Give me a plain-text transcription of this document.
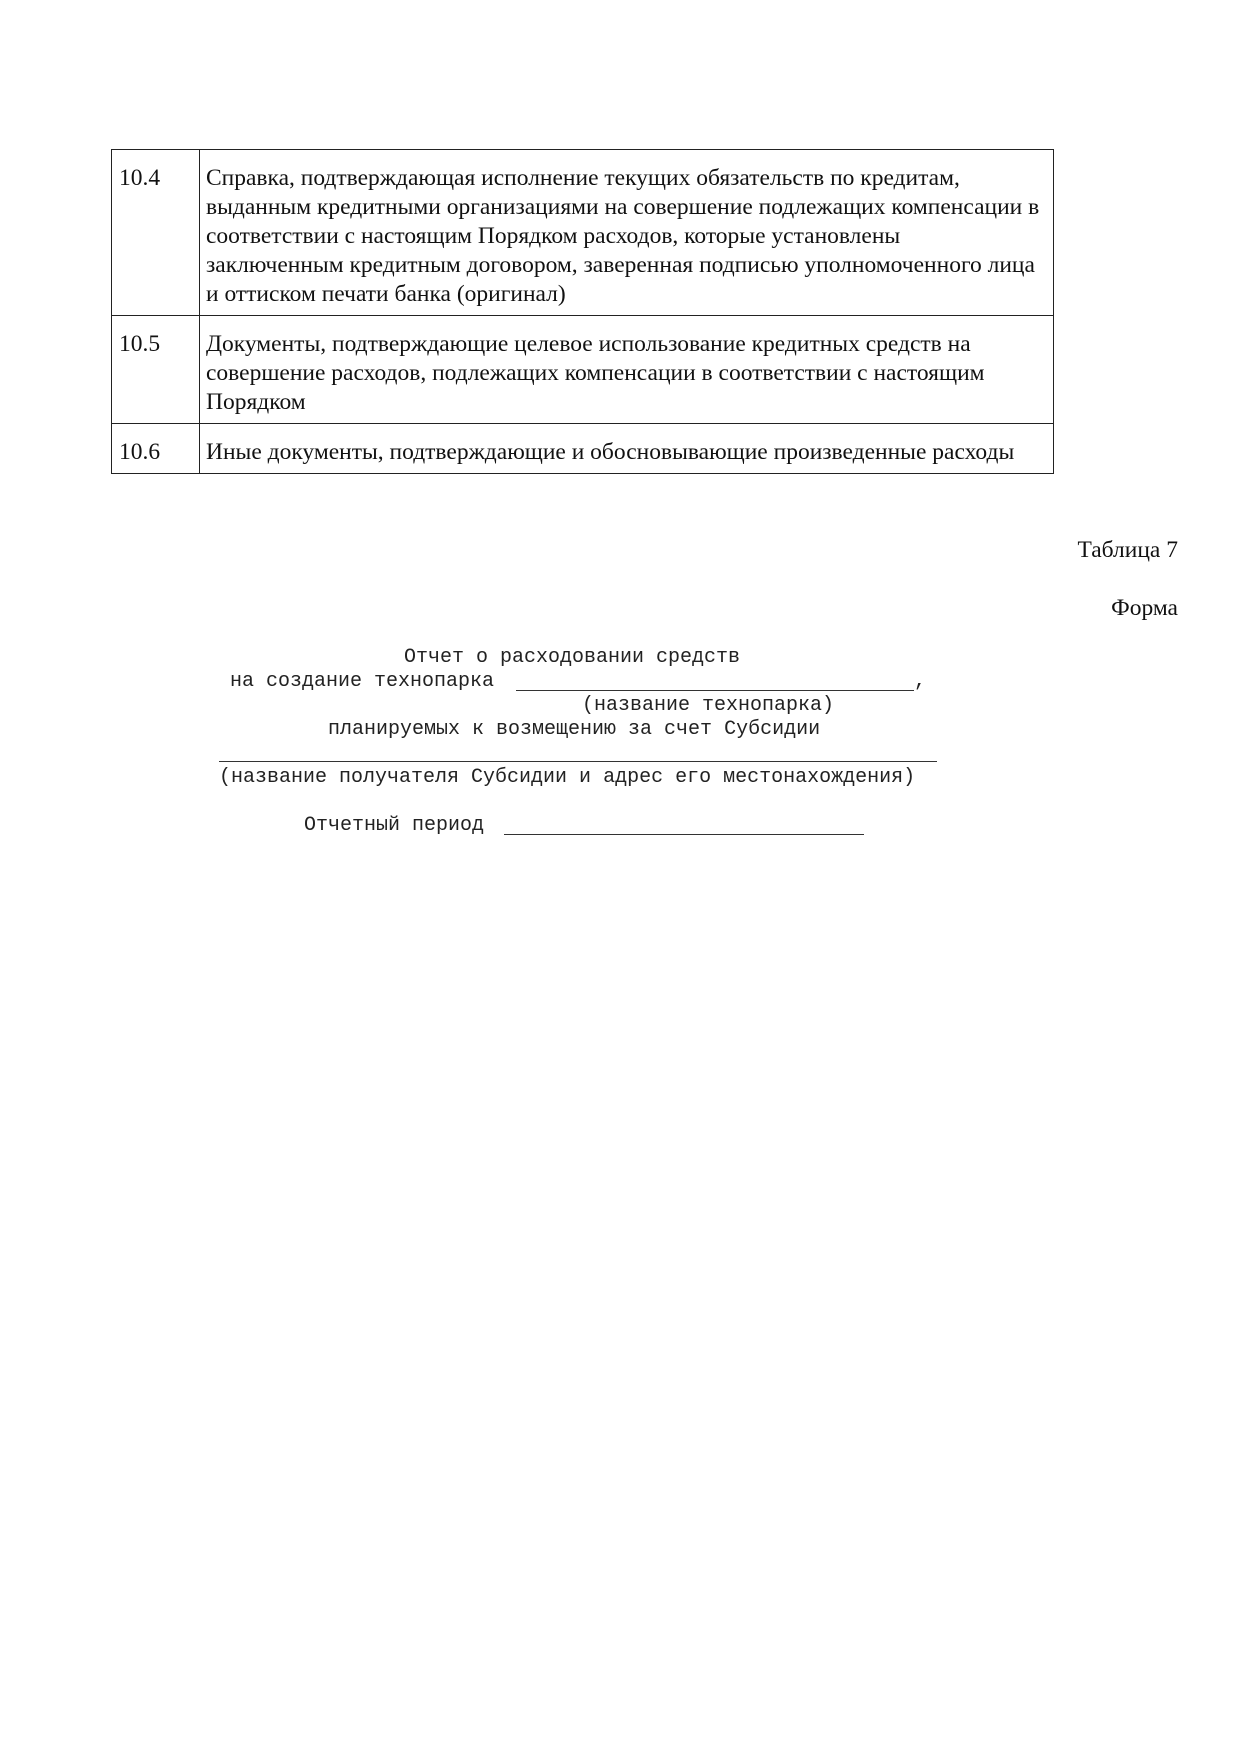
10.4	Справка, подтверждающая исполнение текущих обязательств по кредитам, выданным кредитными организациями на совершение подлежащих компенсации в соответствии с настоящим Порядком расходов, которые установлены заключенным кредитным договором, заверенная подписью уполномоченного лица и оттиском печати банка (оригинал)
10.5	Документы, подтверждающие целевое использование кредитных средств на совершение расходов, подлежащих компенсации в соответствии с настоящим Порядком
10.6	Иные документы, подтверждающие и обосновывающие произведенные расходы
Таблица 7
Форма
Отчет о расходовании средств
на создание технопарка	,
(название технопарка)
планируемых к возмещению за счет Субсидии
(название получателя Субсидии и адрес его местонахождения)
Отчетный период
